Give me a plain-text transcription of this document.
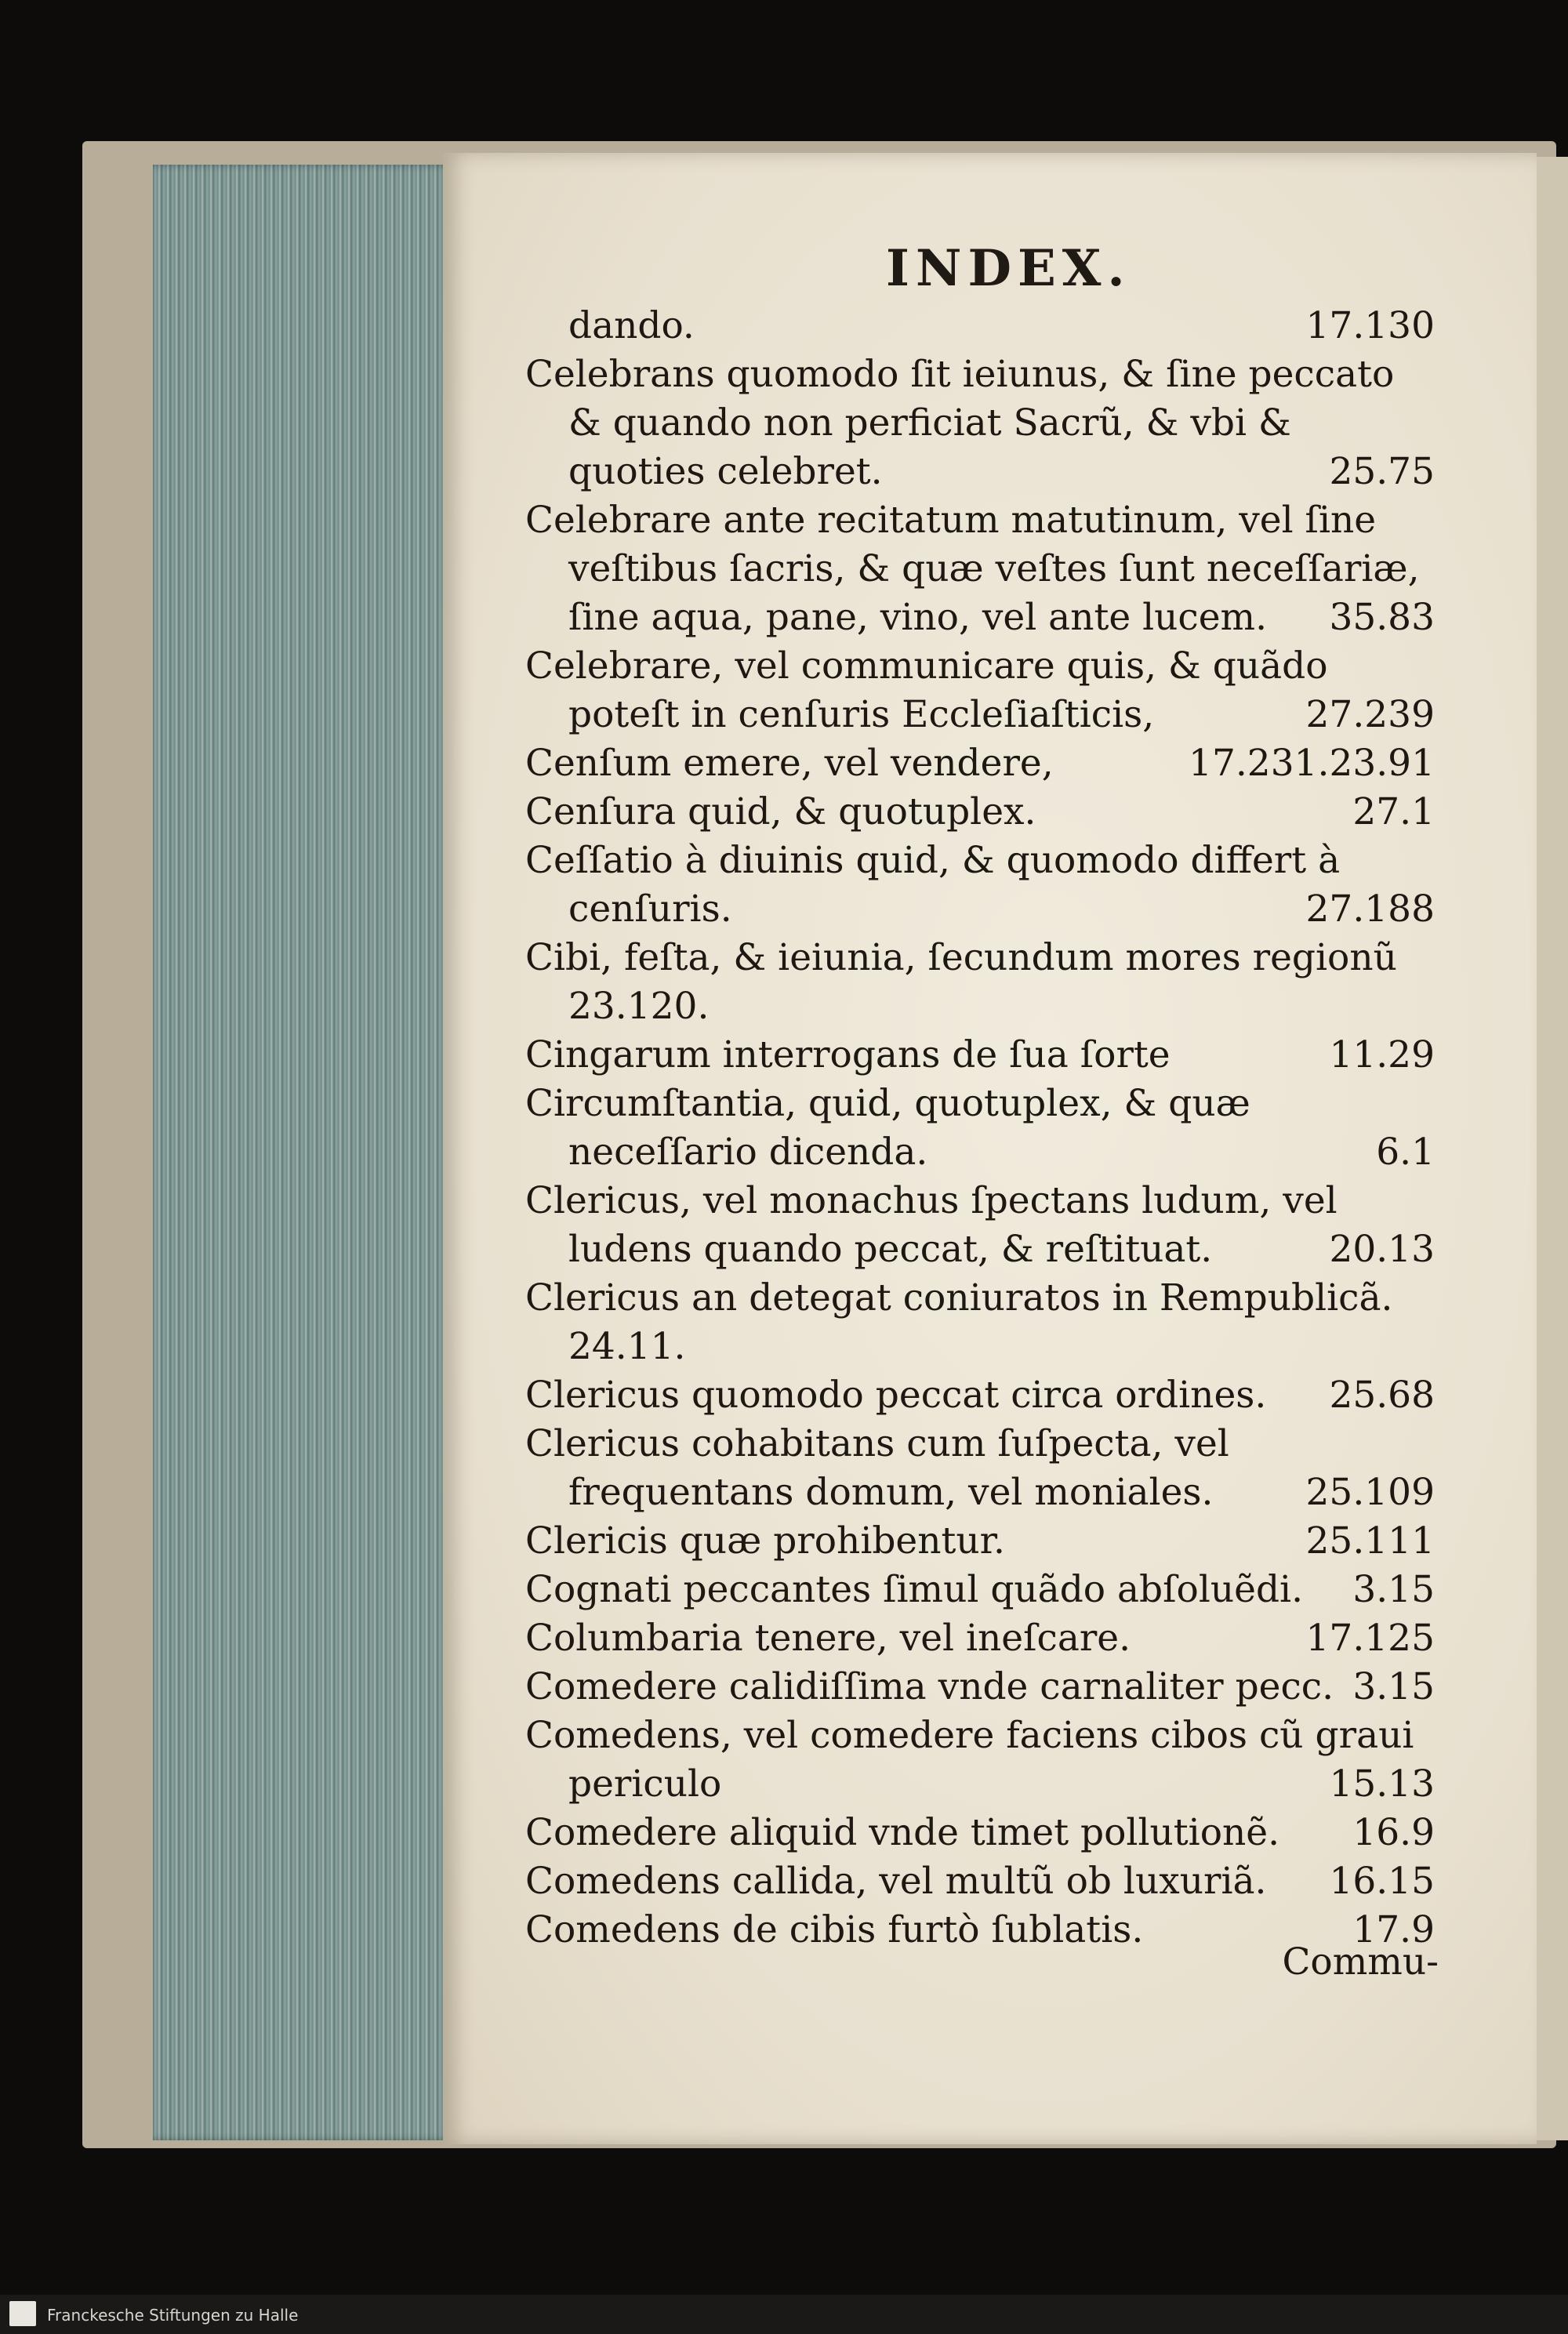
INDEX.
dando.	17.130
Celebrans quomodo ſit ieiunus, & ſine peccato & quando non perficiat Sacrũ, & vbi & quoties celebret.	25.75
Celebrare ante recitatum matutinum, vel ſine veſtibus ſacris, & quæ veſtes ſunt neceſſariæ, ſine aqua, pane, vino, vel ante lucem.	35.83
Celebrare, vel communicare quis, & quãdo poteſt in cenſuris Eccleſiaſticis,	27.239
Cenſum emere, vel vendere,	17.231.23.91
Cenſura quid, & quotuplex.	27.1
Ceſſatio à diuinis quid, & quomodo differt à cenſuris.	27.188
Cibi, feſta, & ieiunia, ſecundum mores regionũ 23.120.
Cingarum interrogans de ſua ſorte	11.29
Circumſtantia, quid, quotuplex, & quæ neceſſario dicenda.	6.1
Clericus, vel monachus ſpectans ludum, vel ludens quando peccat, & reſtituat.	20.13
Clericus an detegat coniuratos in Rempublicã. 24.11.
Clericus quomodo peccat circa ordines.	25.68
Clericus cohabitans cum ſuſpecta, vel frequentans domum, vel moniales.	25.109
Clericis quæ prohibentur.	25.111
Cognati peccantes ſimul quãdo abſoluẽdi.	3.15
Columbaria tenere, vel ineſcare.	17.125
Comedere calidiſſima vnde carnaliter pecc. 3.15
Comedens, vel comedere faciens cibos cũ graui periculo	15.13
Comedere aliquid vnde timet pollutionẽ.	16.9
Comedens callida, vel multũ ob luxuriã.	16.15
Comedens de cibis furtò ſublatis.	17.9
Commu-
Franckesche Stiftungen zu Halle
